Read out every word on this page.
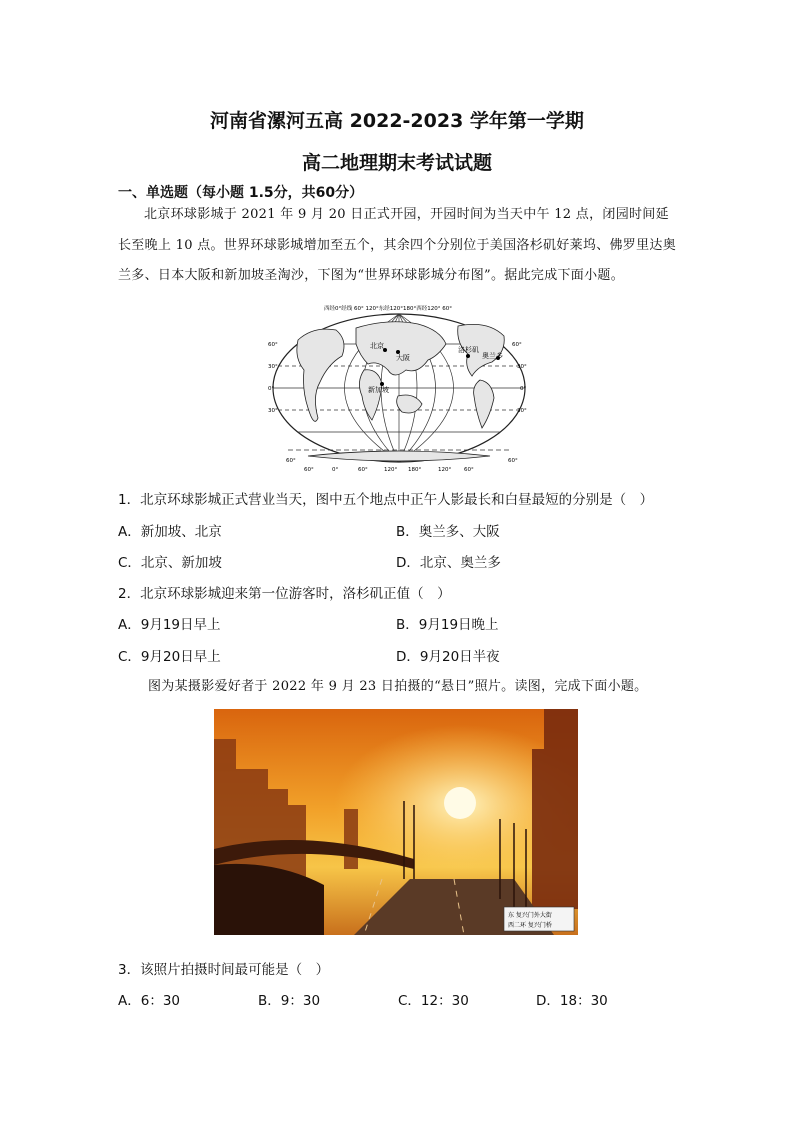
河南省漯河五高 2022-2023 学年第一学期
高二地理期末考试试题
一、单选题（每小题 1.5分，共60分）
北京环球影城于 2021 年 9 月 20 日正式开园，开园时间为当天中午 12 点，闭园时间延长至晚上 10 点。世界环球影城增加至五个，其余四个分别位于美国洛杉矶好莱坞、佛罗里达奥兰多、日本大阪和新加坡圣淘沙，下图为“世界环球影城分布图”。据此完成下面小题。
北京
大阪
新加坡
洛杉矶
奥兰多
西经0°经线 60° 120°东经120°180°西经120° 60°
60°
30°
0°
30°
60°
60°
30°
0°
30°
60°
60°	0°	60°	120° 180°	120° 60°
1．北京环球影城正式营业当天，图中五个地点中正午人影最长和白昼最短的分别是（　）
A．新加坡、北京	B．奥兰多、大阪
C．北京、新加坡	D．北京、奥兰多
2．北京环球影城迎来第一位游客时，洛杉矶正值（　）
A．9月19日早上	B．9月19日晚上
C．9月20日早上	D．9月20日半夜
图为某摄影爱好者于 2022 年 9 月 23 日拍摄的“悬日”照片。读图，完成下面小题。
东 复兴门外大街
西二环 复兴门桥
3．该照片拍摄时间最可能是（　）
A．6：30	B．9：30	C．12：30	D．18：30
